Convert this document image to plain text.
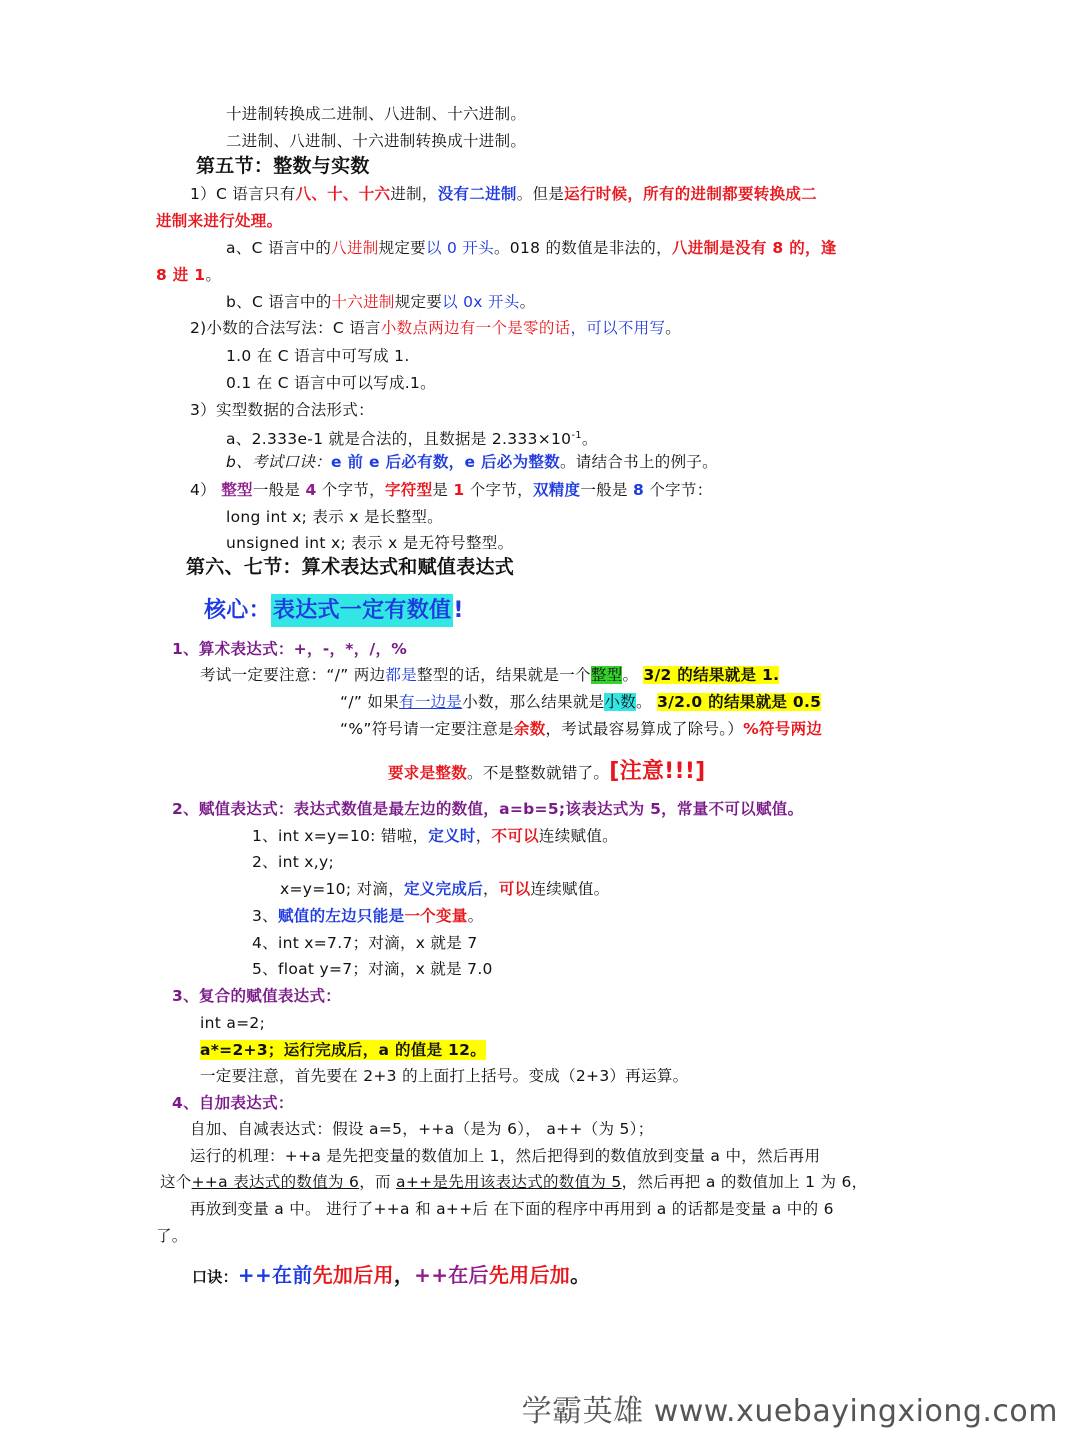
十进制转换成二进制、八进制、十六进制。
二进制、八进制、十六进制转换成十进制。
第五节：整数与实数
1）C 语言只有八、十、十六进制，没有二进制。但是运行时候，所有的进制都要转换成二
进制来进行处理。
a、C 语言中的八进制规定要以 0 开头。018 的数值是非法的，八进制是没有 8 的，逢
8 进 1。
b、C 语言中的十六进制规定要以 0x 开头。
2)小数的合法写法：C 语言小数点两边有一个是零的话，可以不用写。
1.0 在 C 语言中可写成 1.
0.1 在 C 语言中可以写成.1。
3）实型数据的合法形式：
a、2.333e-1 就是合法的，且数据是 $2.333\times 10^{-1}$。
b、考试口诀：e 前 e 后必有数，e 后必为整数。请结合书上的例子。
4） 整型一般是 4 个字节，字符型是 1 个字节，双精度一般是 8 个字节：
long int x; 表示 x 是长整型。
unsigned int x; 表示 x 是无符号整型。
第六、七节：算术表达式和赋值表达式
核心：表达式一定有数值!
1、算术表达式：+，-，*，/，%
考试一定要注意：“/” 两边都是整型的话，结果就是一个整型。 3/2 的结果就是 1.
“/” 如果有一边是小数，那么结果就是小数。 3/2.0 的结果就是 0.5
“%”符号请一定要注意是余数，考试最容易算成了除号。）%符号两边
要求是整数。不是整数就错了。[注意!!!]
2、赋值表达式：表达式数值是最左边的数值，a=b=5;该表达式为 5，常量不可以赋值。
1、int x=y=10: 错啦，定义时，不可以连续赋值。
2、int x,y;
x=y=10; 对滴，定义完成后，可以连续赋值。
3、赋值的左边只能是一个变量。
4、int x=7.7；对滴，x 就是 7
5、float y=7；对滴，x 就是 7.0
3、复合的赋值表达式：
int a=2;
a*=2+3；运行完成后，a 的值是 12。
一定要注意，首先要在 2+3 的上面打上括号。变成（2+3）再运算。
4、自加表达式：
自加、自减表达式：假设 a=5，++a（是为 6）， a++（为 5）；
运行的机理：++a 是先把变量的数值加上 1，然后把得到的数值放到变量 a 中，然后再用
这个++a 表达式的数值为 6，而 a++是先用该表达式的数值为 5，然后再把 a 的数值加上 1 为 6，
再放到变量 a 中。 进行了++a 和 a++后 在下面的程序中再用到 a 的话都是变量 a 中的 6
了。
口诀：++在前先加后用，++在后先用后加。
学霸英雄 www.xuebayingxiong.com
